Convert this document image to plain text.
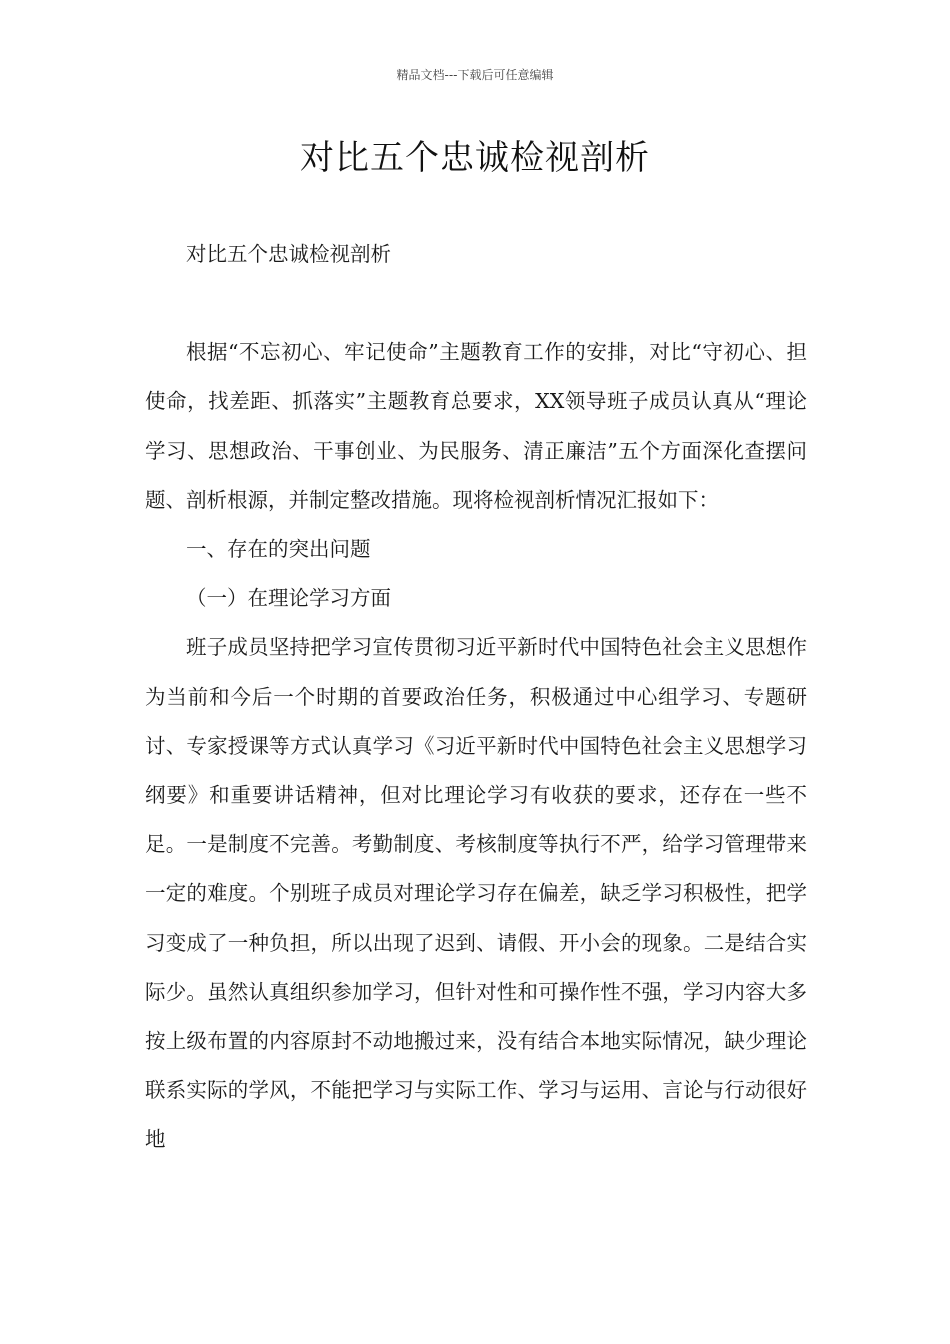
精品文档---下载后可任意编辑
对比五个忠诚检视剖析

对比五个忠诚检视剖析

根据“不忘初心、牢记使命”主题教育工作的安排，对比“守初心、担使命，找差距、抓落实”主题教育总要求，XX领导班子成员认真从“理论学习、思想政治、干事创业、为民服务、清正廉洁”五个方面深化查摆问题、剖析根源，并制定整改措施。现将检视剖析情况汇报如下：

一、存在的突出问题

（一）在理论学习方面

班子成员坚持把学习宣传贯彻习近平新时代中国特色社会主义思想作为当前和今后一个时期的首要政治任务，积极通过中心组学习、专题研讨、专家授课等方式认真学习《习近平新时代中国特色社会主义思想学习纲要》和重要讲话精神，但对比理论学习有收获的要求，还存在一些不足。一是制度不完善。考勤制度、考核制度等执行不严，给学习管理带来一定的难度。个别班子成员对理论学习存在偏差，缺乏学习积极性，把学习变成了一种负担，所以出现了迟到、请假、开小会的现象。二是结合实际少。虽然认真组织参加学习，但针对性和可操作性不强，学习内容大多按上级布置的内容原封不动地搬过来，没有结合本地实际情况，缺少理论联系实际的学风，不能把学习与实际工作、学习与运用、言论与行动很好地
